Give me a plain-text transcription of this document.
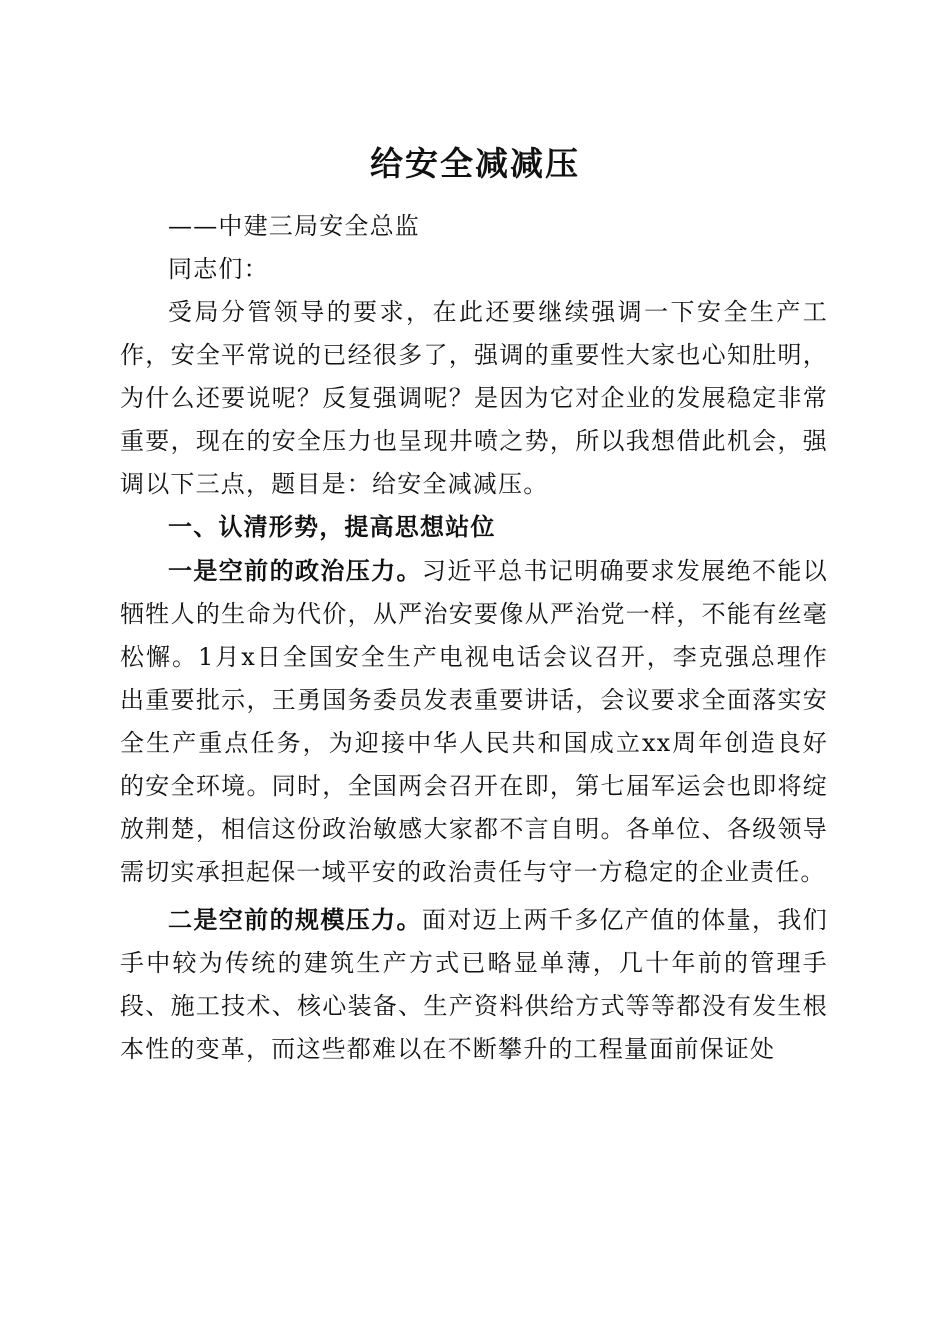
给安全减减压

——中建三局安全总监

同志们：

受局分管领导的要求，在此还要继续强调一下安全生产工作，安全平常说的已经很多了，强调的重要性大家也心知肚明，为什么还要说呢？反复强调呢？是因为它对企业的发展稳定非常重要，现在的安全压力也呈现井喷之势，所以我想借此机会，强调以下三点，题目是：给安全减减压。

一、认清形势，提高思想站位

一是空前的政治压力。习近平总书记明确要求发展绝不能以牺牲人的生命为代价，从严治安要像从严治党一样，不能有丝毫松懈。1月x日全国安全生产电视电话会议召开，李克强总理作出重要批示，王勇国务委员发表重要讲话，会议要求全面落实安全生产重点任务，为迎接中华人民共和国成立xx周年创造良好的安全环境。同时，全国两会召开在即，第七届军运会也即将绽放荆楚，相信这份政治敏感大家都不言自明。各单位、各级领导需切实承担起保一域平安的政治责任与守一方稳定的企业责任。

二是空前的规模压力。面对迈上两千多亿产值的体量，我们手中较为传统的建筑生产方式已略显单薄，几十年前的管理手段、施工技术、核心装备、生产资料供给方式等等都没有发生根本性的变革，而这些都难以在不断攀升的工程量面前保证处
